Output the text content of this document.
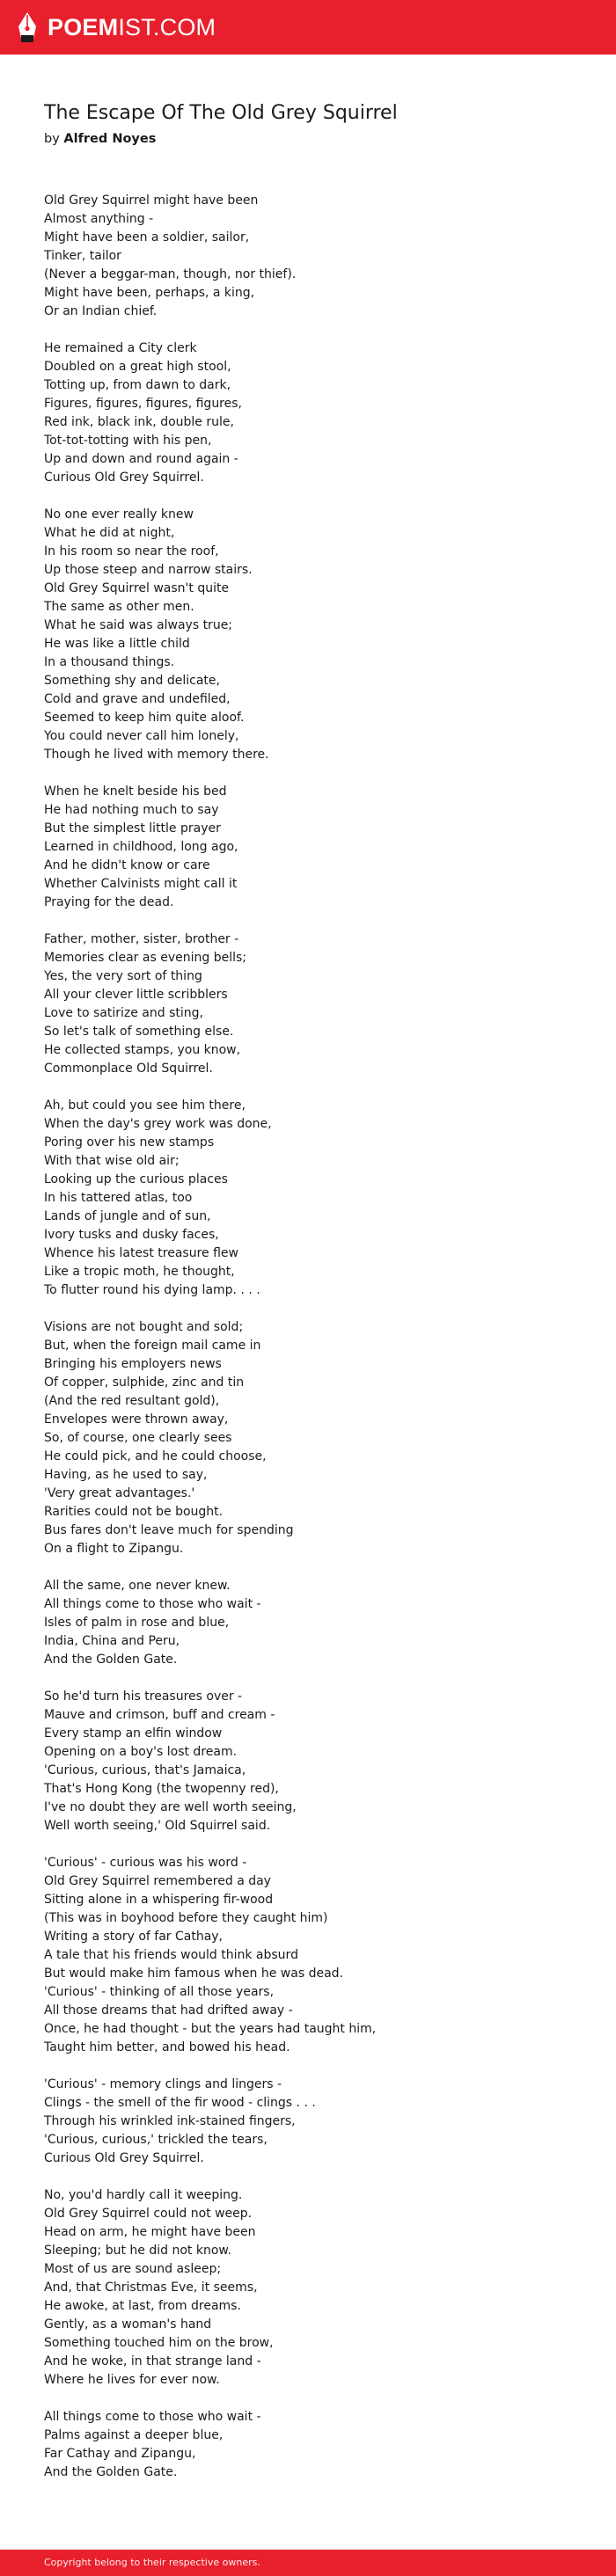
POEMIST.COM
The Escape Of The Old Grey Squirrel
by Alfred Noyes
Old Grey Squirrel might have been
Almost anything -
Might have been a soldier, sailor,
Tinker, tailor
(Never a beggar-man, though, nor thief).
Might have been, perhaps, a king,
Or an Indian chief.
He remained a City clerk
Doubled on a great high stool,
Totting up, from dawn to dark,
Figures, figures, figures, figures,
Red ink, black ink, double rule,
Tot-tot-totting with his pen,
Up and down and round again -
Curious Old Grey Squirrel.
No one ever really knew
What he did at night,
In his room so near the roof,
Up those steep and narrow stairs.
Old Grey Squirrel wasn't quite
The same as other men.
What he said was always true;
He was like a little child
In a thousand things.
Something shy and delicate,
Cold and grave and undefiled,
Seemed to keep him quite aloof.
You could never call him lonely,
Though he lived with memory there.
When he knelt beside his bed
He had nothing much to say
But the simplest little prayer
Learned in childhood, long ago,
And he didn't know or care
Whether Calvinists might call it
Praying for the dead.
Father, mother, sister, brother -
Memories clear as evening bells;
Yes, the very sort of thing
All your clever little scribblers
Love to satirize and sting,
So let's talk of something else.
He collected stamps, you know,
Commonplace Old Squirrel.
Ah, but could you see him there,
When the day's grey work was done,
Poring over his new stamps
With that wise old air;
Looking up the curious places
In his tattered atlas, too
Lands of jungle and of sun,
Ivory tusks and dusky faces,
Whence his latest treasure flew
Like a tropic moth, he thought,
To flutter round his dying lamp. . . .
Visions are not bought and sold;
But, when the foreign mail came in
Bringing his employers news
Of copper, sulphide, zinc and tin
(And the red resultant gold),
Envelopes were thrown away,
So, of course, one clearly sees
He could pick, and he could choose,
Having, as he used to say,
'Very great advantages.'
Rarities could not be bought.
Bus fares don't leave much for spending
On a flight to Zipangu.
All the same, one never knew.
All things come to those who wait -
Isles of palm in rose and blue,
India, China and Peru,
And the Golden Gate.
So he'd turn his treasures over -
Mauve and crimson, buff and cream -
Every stamp an elfin window
Opening on a boy's lost dream.
'Curious, curious, that's Jamaica,
That's Hong Kong (the twopenny red),
I've no doubt they are well worth seeing,
Well worth seeing,' Old Squirrel said.
'Curious' - curious was his word -
Old Grey Squirrel remembered a day
Sitting alone in a whispering fir-wood
(This was in boyhood before they caught him)
Writing a story of far Cathay,
A tale that his friends would think absurd
But would make him famous when he was dead.
'Curious' - thinking of all those years,
All those dreams that had drifted away -
Once, he had thought - but the years had taught him,
Taught him better, and bowed his head.
'Curious' - memory clings and lingers -
Clings - the smell of the fir wood - clings . . .
Through his wrinkled ink-stained fingers,
'Curious, curious,' trickled the tears,
Curious Old Grey Squirrel.
No, you'd hardly call it weeping.
Old Grey Squirrel could not weep.
Head on arm, he might have been
Sleeping; but he did not know.
Most of us are sound asleep;
And, that Christmas Eve, it seems,
He awoke, at last, from dreams.
Gently, as a woman's hand
Something touched him on the brow,
And he woke, in that strange land -
Where he lives for ever now.
All things come to those who wait -
Palms against a deeper blue,
Far Cathay and Zipangu,
And the Golden Gate.
Copyright belong to their respective owners.
